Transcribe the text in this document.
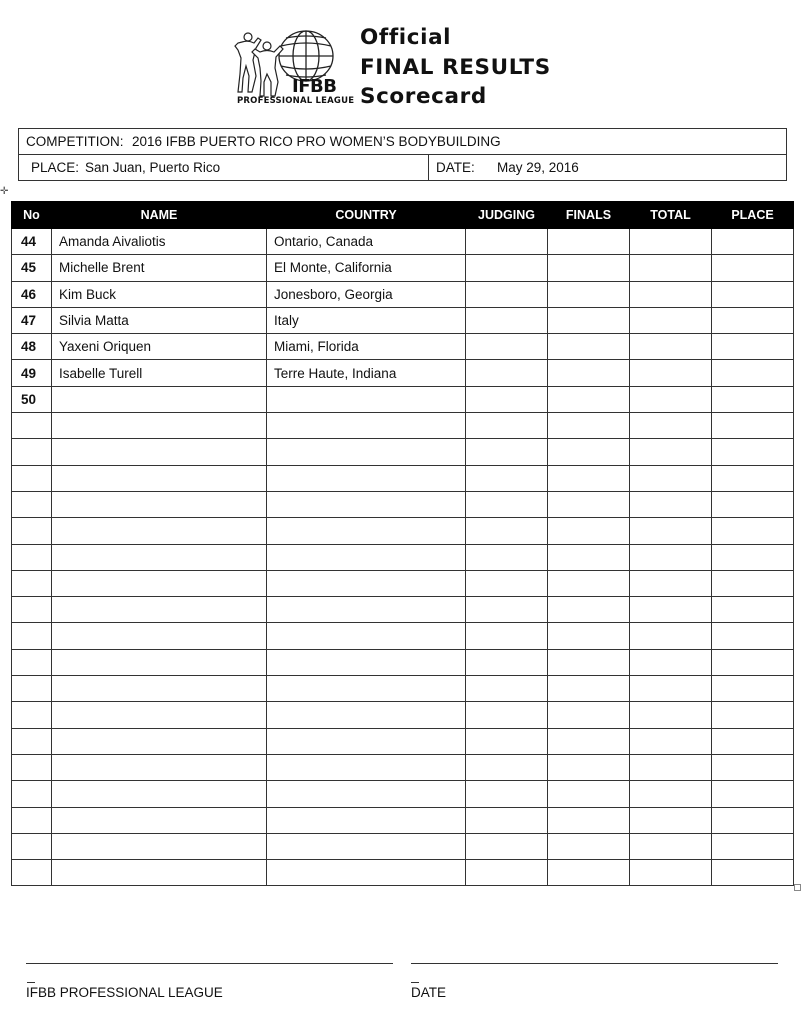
IFBB
PROFESSIONAL LEAGUE
Official
FINAL RESULTS
Scorecard
COMPETITION: 2016 IFBB PUERTO RICO PRO WOMEN’S BODYBUILDING
PLACE: San Juan, Puerto Rico	DATE: May 29, 2016
✛
No	NAME	COUNTRY	JUDGING	FINALS	TOTAL	PLACE
44	Amanda Aivaliotis	Ontario, Canada				
45	Michelle Brent	El Monte, California				
46	Kim Buck	Jonesboro, Georgia				
47	Silvia Matta	Italy				
48	Yaxeni Oriquen	Miami, Florida				
49	Isabelle Turell	Terre Haute, Indiana				
50						

IFBB PROFESSIONAL LEAGUE	DATE
